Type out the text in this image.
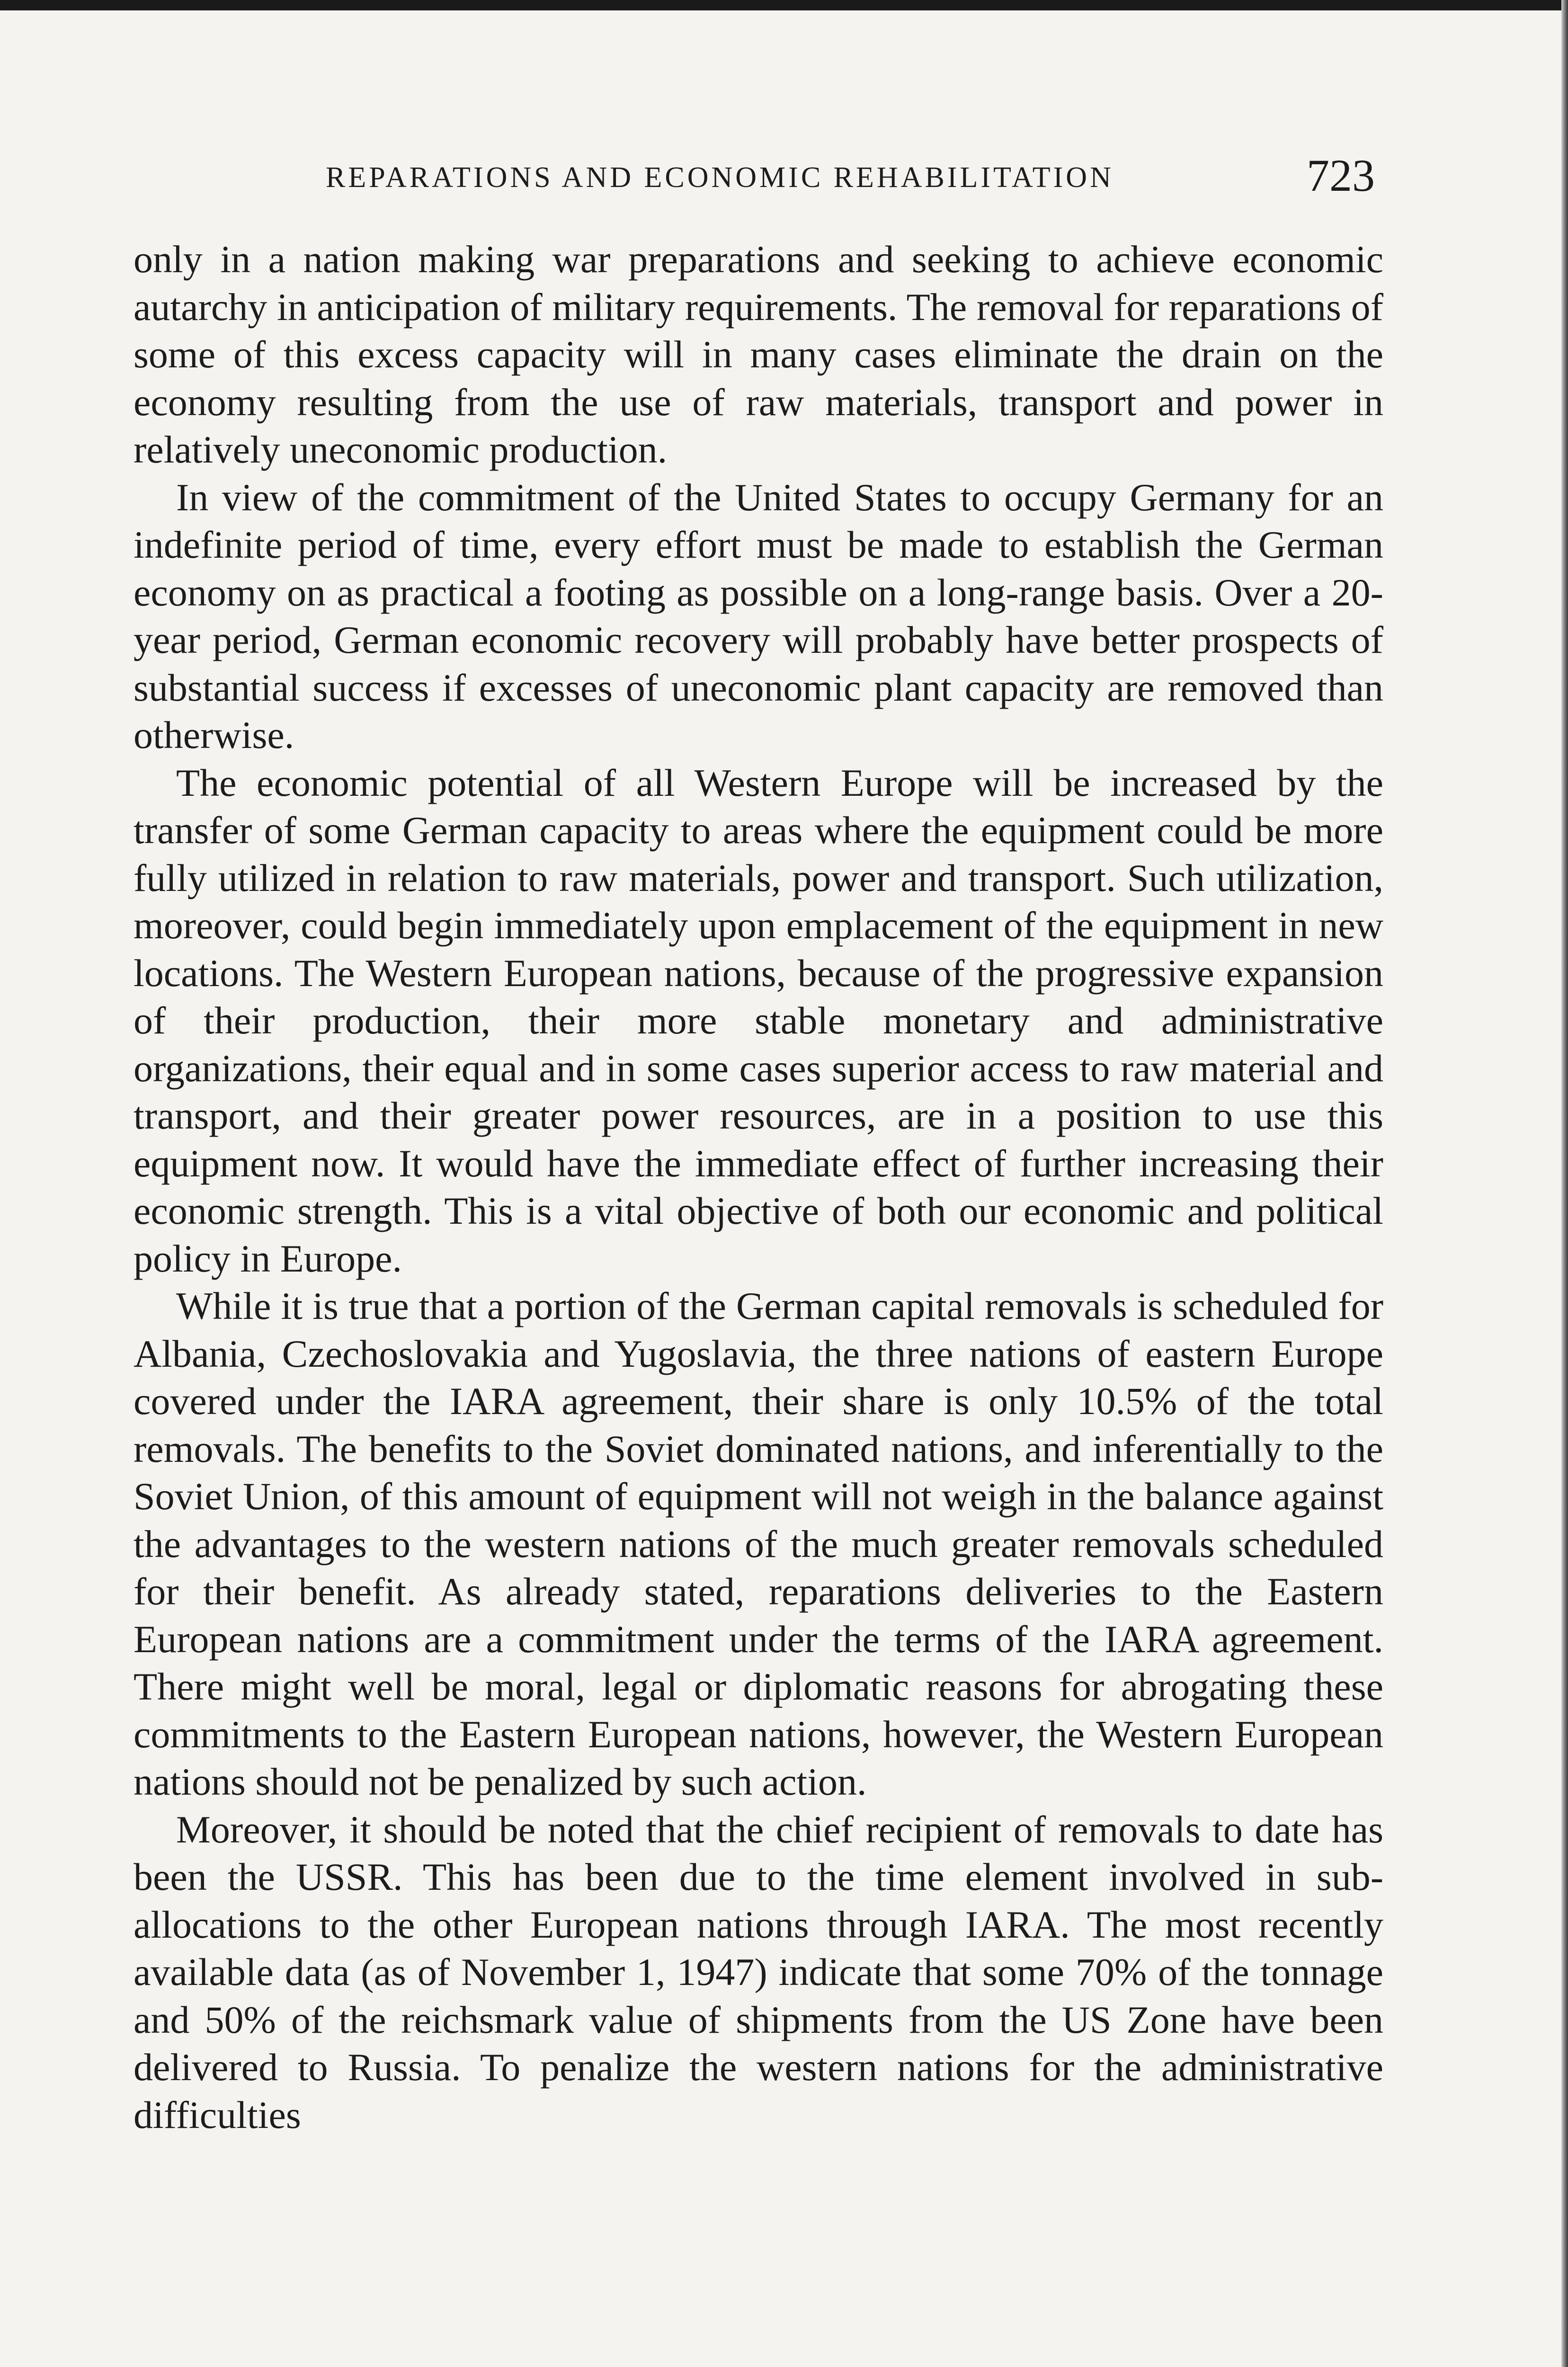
REPARATIONS AND ECONOMIC REHABILITATION	723

only in a nation making war preparations and seeking to achieve economic autarchy in anticipation of military requirements. The removal for reparations of some of this excess capacity will in many cases eliminate the drain on the economy resulting from the use of raw materials, transport and power in relatively uneconomic production.

In view of the commitment of the United States to occupy Germany for an indefinite period of time, every effort must be made to establish the German economy on as practical a footing as possible on a long-range basis. Over a 20-year period, German economic recovery will probably have better prospects of substantial success if excesses of uneconomic plant capacity are removed than otherwise.

The economic potential of all Western Europe will be increased by the transfer of some German capacity to areas where the equipment could be more fully utilized in relation to raw materials, power and transport. Such utilization, moreover, could begin immediately upon emplacement of the equipment in new locations. The Western European nations, because of the progressive expansion of their production, their more stable monetary and administrative organizations, their equal and in some cases superior access to raw material and transport, and their greater power resources, are in a position to use this equipment now. It would have the immediate effect of further increasing their economic strength. This is a vital objective of both our economic and political policy in Europe.

While it is true that a portion of the German capital removals is scheduled for Albania, Czechoslovakia and Yugoslavia, the three nations of eastern Europe covered under the IARA agreement, their share is only 10.5% of the total removals. The benefits to the Soviet dominated nations, and inferentially to the Soviet Union, of this amount of equipment will not weigh in the balance against the advantages to the western nations of the much greater removals scheduled for their benefit. As already stated, reparations deliveries to the Eastern European nations are a commitment under the terms of the IARA agreement. There might well be moral, legal or diplomatic reasons for abrogating these commitments to the Eastern European nations, however, the Western European nations should not be penalized by such action.

Moreover, it should be noted that the chief recipient of removals to date has been the USSR. This has been due to the time element involved in sub-allocations to the other European nations through IARA. The most recently available data (as of November 1, 1947) indicate that some 70% of the tonnage and 50% of the reichsmark value of shipments from the US Zone have been delivered to Russia. To penalize the western nations for the administrative difficulties
